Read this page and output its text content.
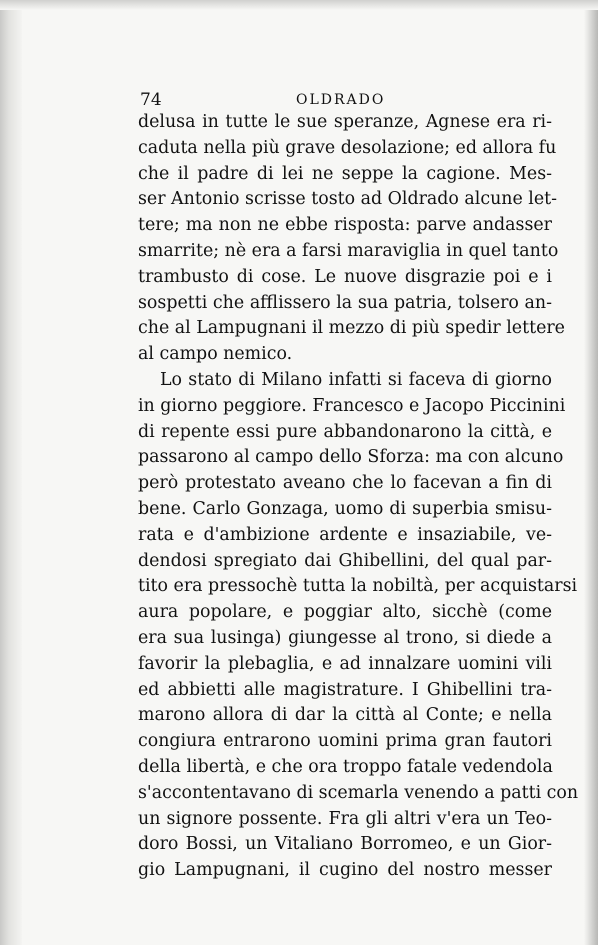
74	OLDRADO
delusa in tutte le sue speranze, Agnese era ri-
caduta nella più grave desolazione; ed allora fu
che il padre di lei ne seppe la cagione. Mes-
ser Antonio scrisse tosto ad Oldrado alcune let-
tere; ma non ne ebbe risposta: parve andasser
smarrite; nè era a farsi maraviglia in quel tanto
trambusto di cose. Le nuove disgrazie poi e i
sospetti che afflissero la sua patria, tolsero an-
che al Lampugnani il mezzo di più spedir lettere
al campo nemico.
Lo stato di Milano infatti si faceva di giorno
in giorno peggiore. Francesco e Jacopo Piccinini
di repente essi pure abbandonarono la città, e
passarono al campo dello Sforza: ma con alcuno
però protestato aveano che lo facevan a fin di
bene. Carlo Gonzaga, uomo di superbia smisu-
rata e d'ambizione ardente e insaziabile, ve-
dendosi spregiato dai Ghibellini, del qual par-
tito era pressochè tutta la nobiltà, per acquistarsi
aura popolare, e poggiar alto, sicchè (come
era sua lusinga) giungesse al trono, si diede a
favorir la plebaglia, e ad innalzare uomini vili
ed abbietti alle magistrature. I Ghibellini tra-
marono allora di dar la città al Conte; e nella
congiura entrarono uomini prima gran fautori
della libertà, e che ora troppo fatale vedendola
s'accontentavano di scemarla venendo a patti con
un signore possente. Fra gli altri v'era un Teo-
doro Bossi, un Vitaliano Borromeo, e un Gior-
gio Lampugnani, il cugino del nostro messer
